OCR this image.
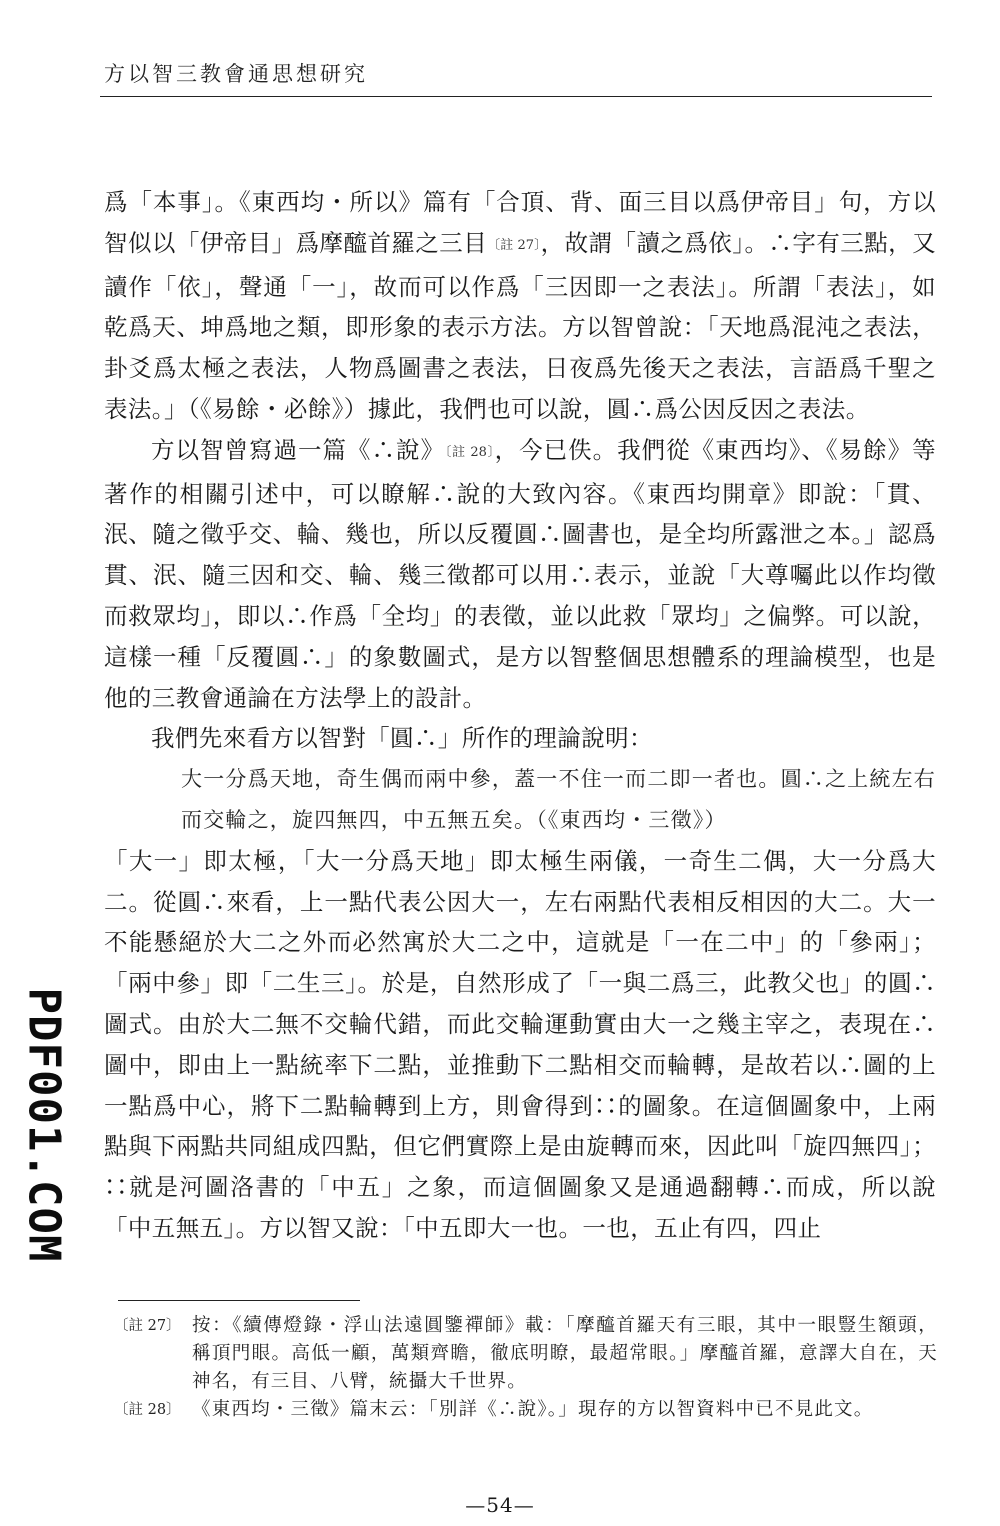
方以智三教會通思想研究

爲「本事」。《東西均・所以》篇有「合頂、背、面三目以爲伊帝目」句，方以智似以「伊帝目」爲摩醯首羅之三目〔註 27〕，故謂「讀之爲依」。∴字有三點，又讀作「依」，聲通「一」，故而可以作爲「三因即一之表法」。所謂「表法」，如乾爲天、坤爲地之類，即形象的表示方法。方以智曾說：「天地爲混沌之表法，卦爻爲太極之表法，人物爲圖書之表法，日夜爲先後天之表法，言語爲千聖之表法。」（《易餘・必餘》）據此，我們也可以說，圓∴爲公因反因之表法。

方以智曾寫過一篇《∴說》〔註 28〕，今已佚。我們從《東西均》、《易餘》等著作的相關引述中，可以瞭解∴說的大致內容。《東西均開章》即說：「貫、泯、隨之徵乎交、輪、幾也，所以反覆圓∴圖書也，是全均所露泄之本。」認爲貫、泯、隨三因和交、輪、幾三徵都可以用∴表示，並說「大尊囑此以作均徵而救眾均」，即以∴作爲「全均」的表徵，並以此救「眾均」之偏弊。可以說，這樣一種「反覆圓∴」的象數圖式，是方以智整個思想體系的理論模型，也是他的三教會通論在方法學上的設計。

我們先來看方以智對「圓∴」所作的理論說明：

大一分爲天地，奇生偶而兩中參，蓋一不住一而二即一者也。圓∴之上統左右而交輪之，旋四無四，中五無五矣。（《東西均・三徵》）

「大一」即太極，「大一分爲天地」即太極生兩儀，一奇生二偶，大一分爲大二。從圓∴來看，上一點代表公因大一，左右兩點代表相反相因的大二。大一不能懸絕於大二之外而必然寓於大二之中，這就是「一在二中」的「參兩」；「兩中參」即「二生三」。於是，自然形成了「一與二爲三，此教父也」的圓∴圖式。由於大二無不交輪代錯，而此交輪運動實由大一之幾主宰之，表現在∴圖中，即由上一點統率下二點，並推動下二點相交而輪轉，是故若以∴圖的上一點爲中心，將下二點輪轉到上方，則會得到∷的圖象。在這個圖象中，上兩點與下兩點共同組成四點，但它們實際上是由旋轉而來，因此叫「旋四無四」；∷就是河圖洛書的「中五」之象，而這個圖象又是通過翻轉∴而成，所以說「中五無五」。方以智又說：「中五即大一也。一也，五止有四，四止

〔註 27〕 按：《續傳燈錄・浮山法遠圓鑒禪師》載：「摩醯首羅天有三眼，其中一眼豎生額頭，稱頂門眼。高低一顧，萬類齊瞻，徹底明瞭，最超常眼。」摩醯首羅，意譯大自在，天神名，有三目、八臂，統攝大千世界。
〔註 28〕 《東西均・三徵》篇末云：「別詳《∴說》。」現存的方以智資料中已不見此文。
—54—
PDF001.COM
